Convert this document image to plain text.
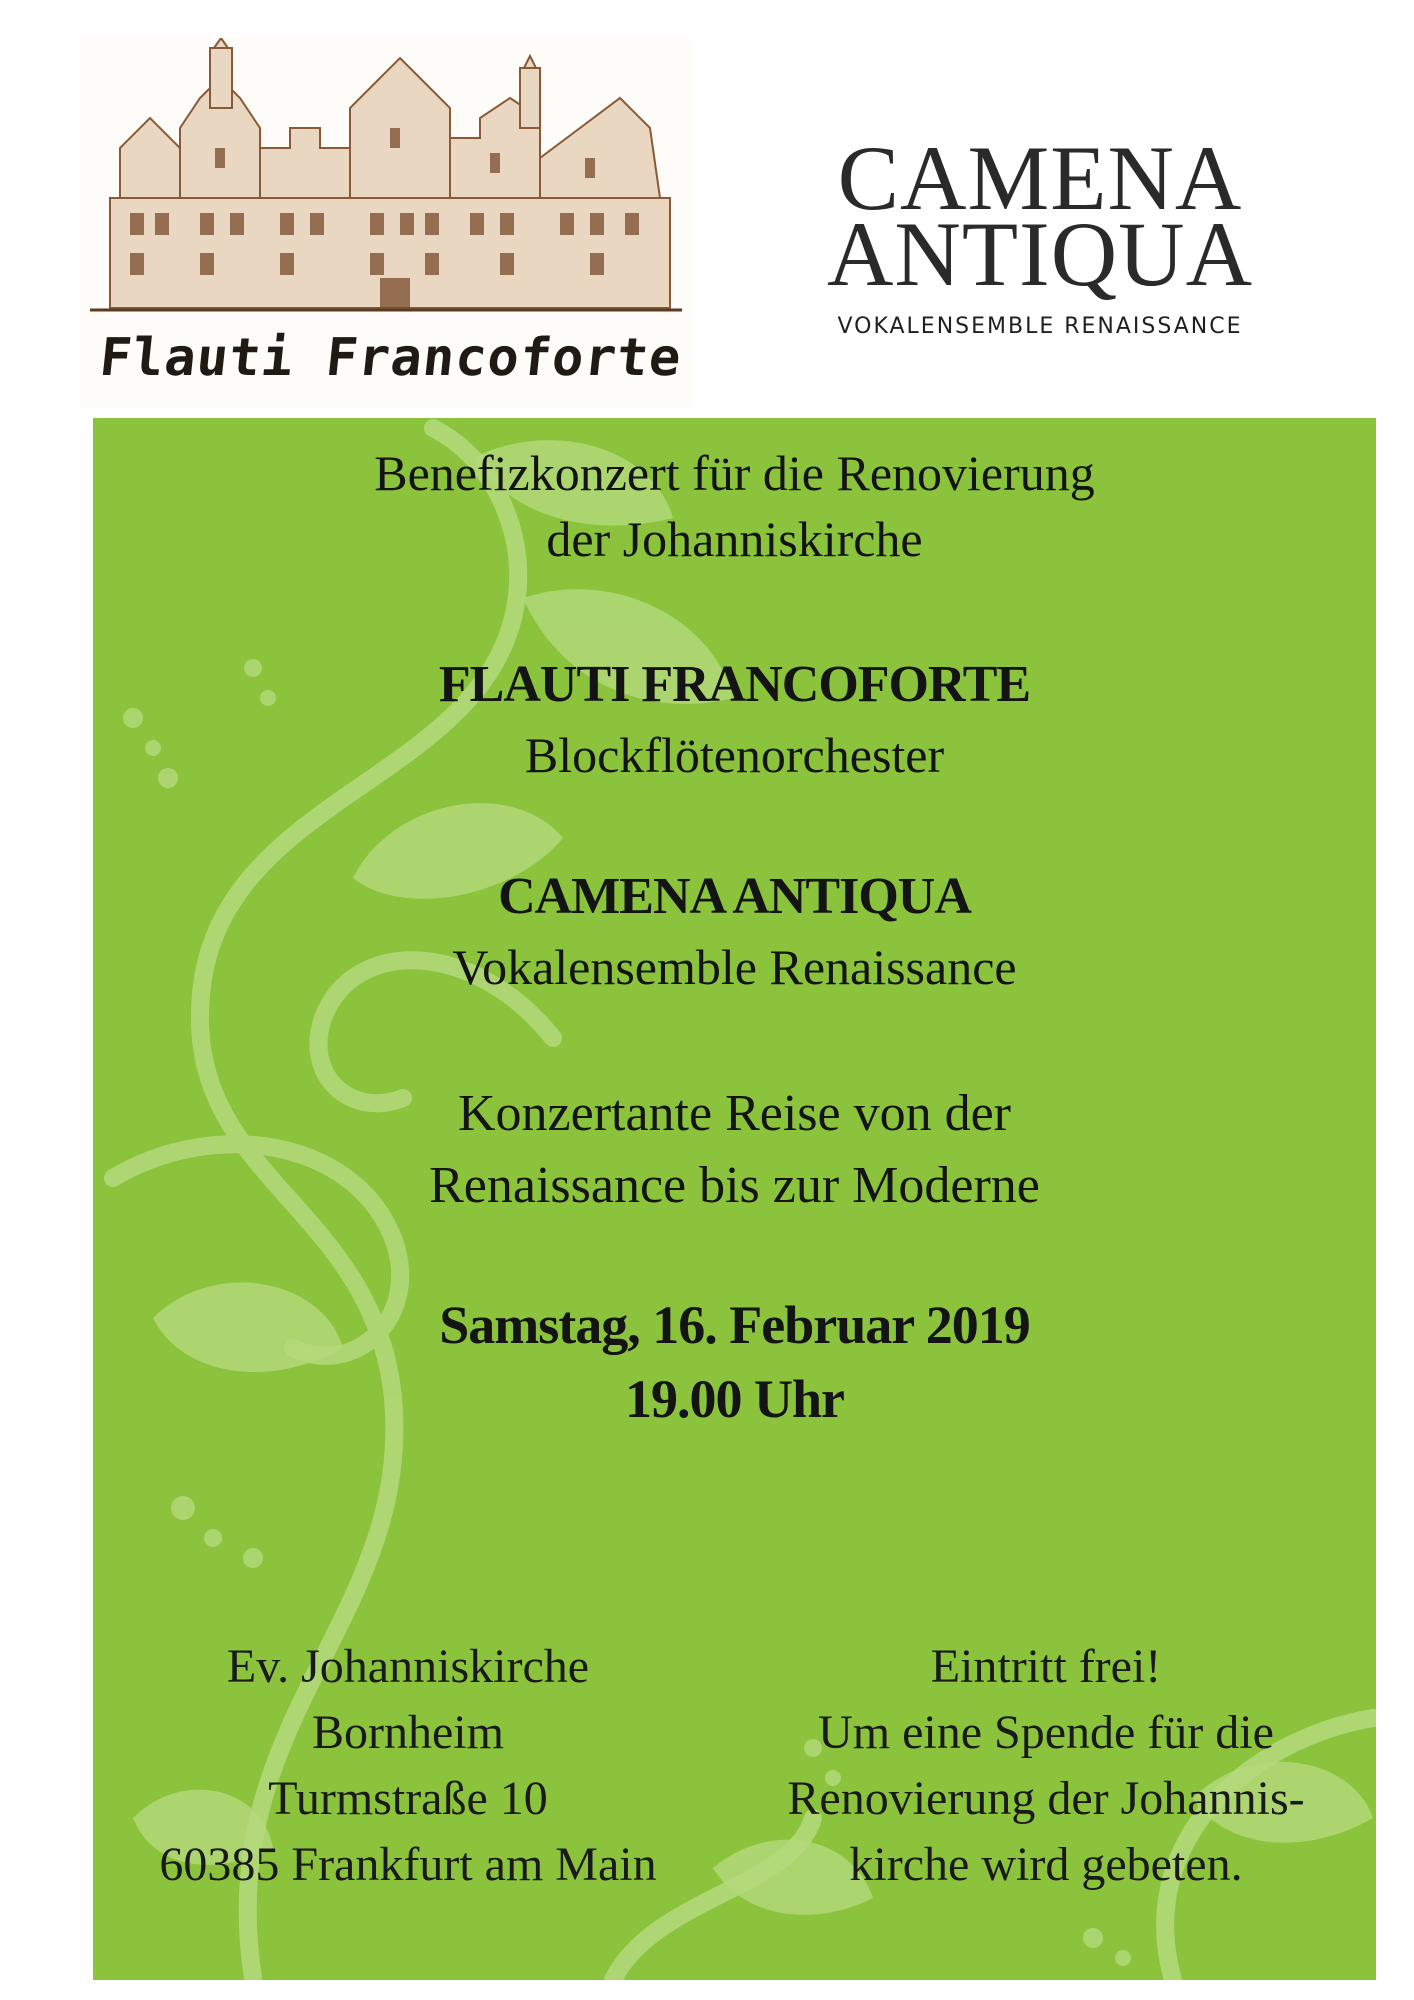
Flauti Francoforte
CAMENA
ANTIQUA
VOKALENSEMBLE RENAISSANCE
Benefizkonzert für die Renovierung
der Johanniskirche
FLAUTI FRANCOFORTE
Blockflötenorchester
CAMENA ANTIQUA
Vokalensemble Renaissance
Konzertante Reise von der
Renaissance bis zur Moderne
Samstag, 16. Februar 2019
19.00 Uhr
Ev. Johanniskirche
Bornheim
Turmstraße 10
60385 Frankfurt am Main
Eintritt frei!
Um eine Spende für die
Renovierung der Johannis-
kirche wird gebeten.
